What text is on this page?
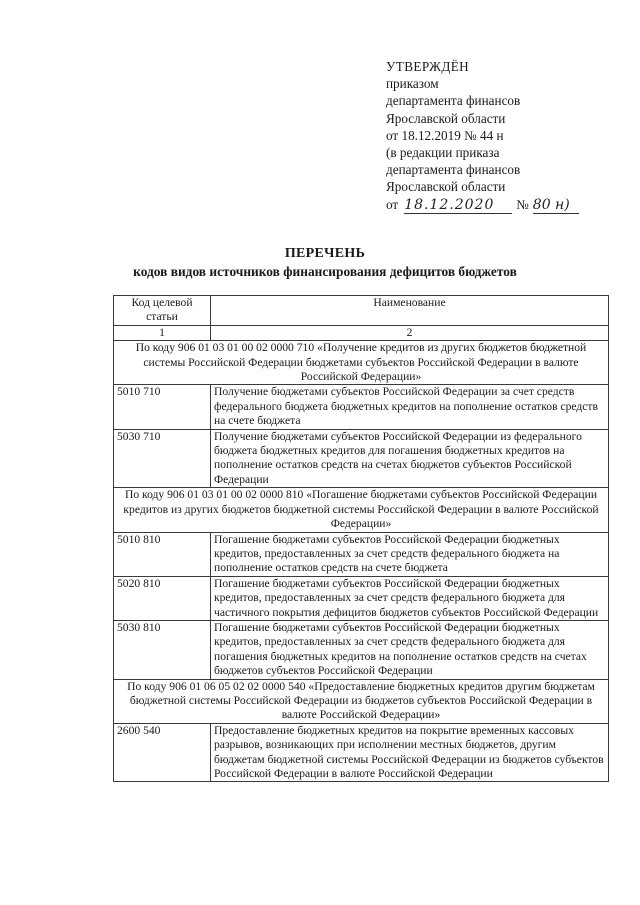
УТВЕРЖДЁН
приказом
департамента финансов
Ярославской области
от 18.12.2019 № 44 н
(в редакции приказа
департамента финансов
Ярославской области
от 18.12.2020	№ 80 н)
ПЕРЕЧЕНЬ
кодов видов источников финансирования дефицитов бюджетов
Код целевой статьи	Наименование
1	2
По коду 906 01 03 01 00 02 0000 710 «Получение кредитов из других бюджетов бюджетной системы Российской Федерации бюджетами субъектов Российской Федерации в валюте Российской Федерации»	
5010 710	Получение бюджетами субъектов Российской Федерации за счет средств федерального бюджета бюджетных кредитов на пополнение остатков средств на счете бюджета
5030 710	Получение бюджетами субъектов Российской Федерации из федерального бюджета бюджетных кредитов для погашения бюджетных кредитов на пополнение остатков средств на счетах бюджетов субъектов Российской Федерации
По коду 906 01 03 01 00 02 0000 810 «Погашение бюджетами субъектов Российской Федерации кредитов из других бюджетов бюджетной системы Российской Федерации в валюте Российской Федерации»	
5010 810	Погашение бюджетами субъектов Российской Федерации бюджетных кредитов, предоставленных за счет средств федерального бюджета на пополнение остатков средств на счете бюджета
5020 810	Погашение бюджетами субъектов Российской Федерации бюджетных кредитов, предоставленных за счет средств федерального бюджета для частичного покрытия дефицитов бюджетов субъектов Российской Федерации
5030 810	Погашение бюджетами субъектов Российской Федерации бюджетных кредитов, предоставленных за счет средств федерального бюджета для погашения бюджетных кредитов на пополнение остатков средств на счетах бюджетов субъектов Российской Федерации
По коду 906 01 06 05 02 02 0000 540 «Предоставление бюджетных кредитов другим бюджетам бюджетной системы Российской Федерации из бюджетов субъектов Российской Федерации в валюте Российской Федерации»	
2600 540	Предоставление бюджетных кредитов на покрытие временных кассовых разрывов, возникающих при исполнении местных бюджетов, другим бюджетам бюджетной системы Российской Федерации из бюджетов субъектов Российской Федерации в валюте Российской Федерации
